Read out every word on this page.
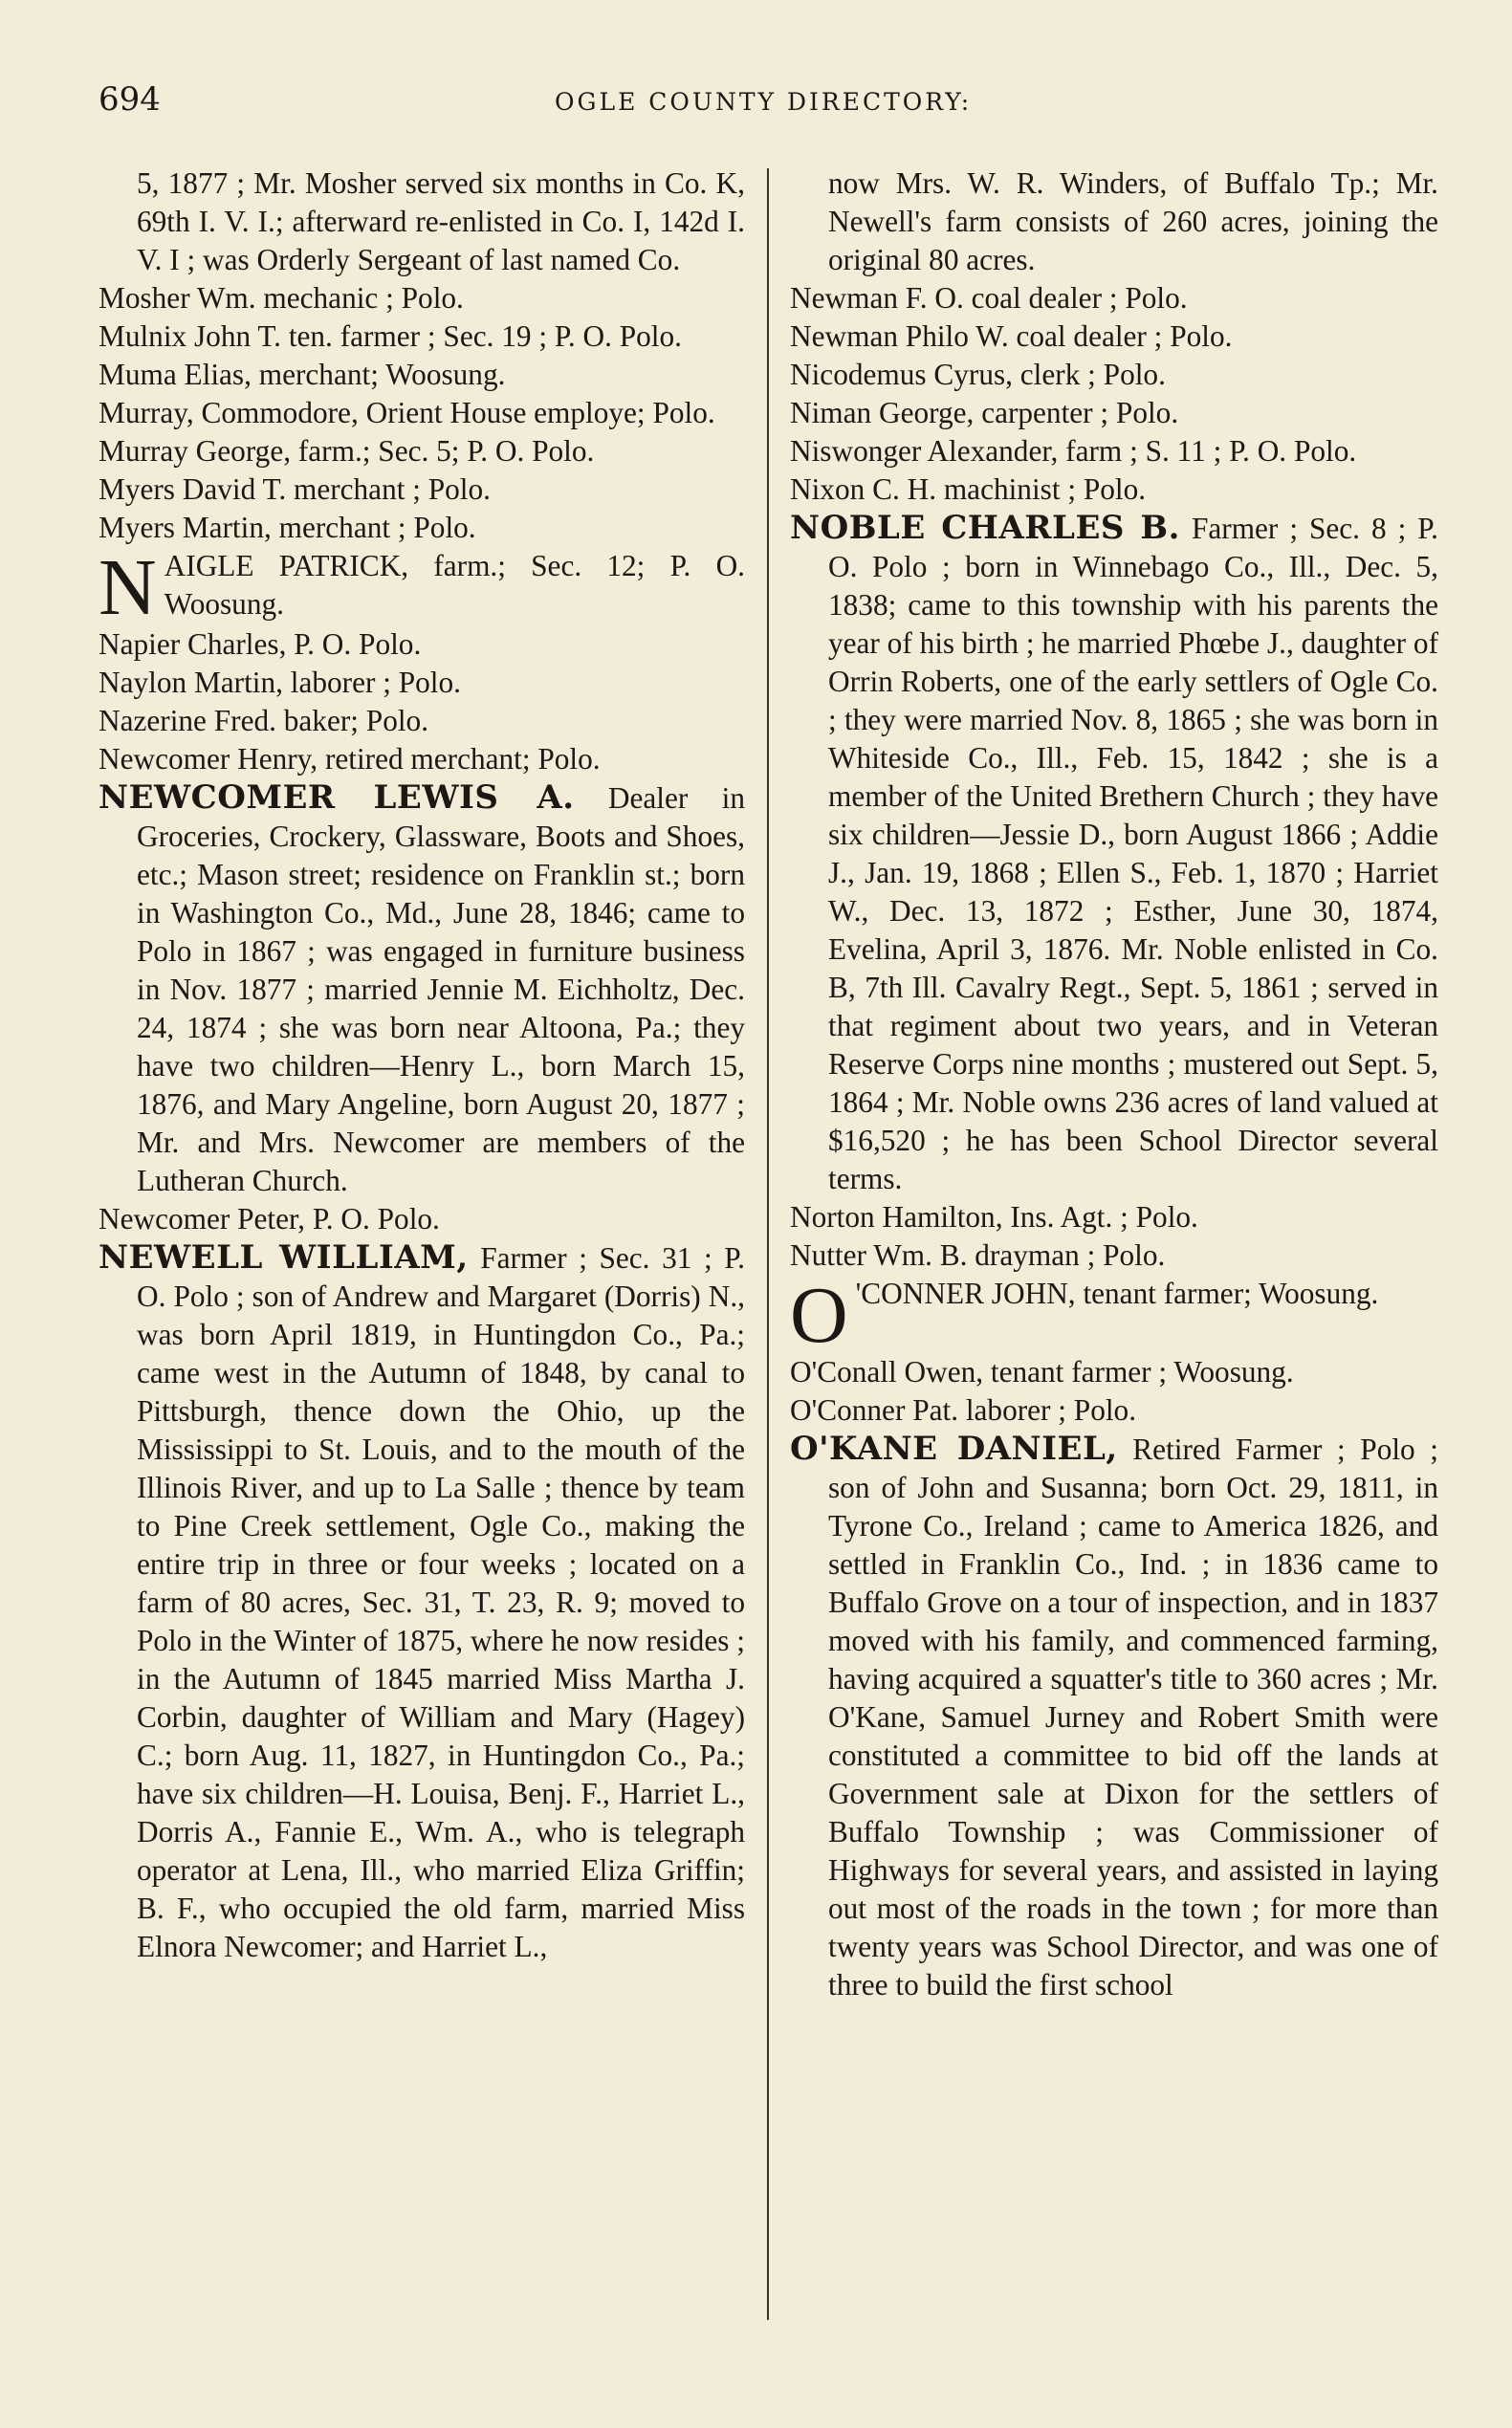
694	OGLE COUNTY DIRECTORY:
5, 1877 ; Mr. Mosher served six months in Co. K, 69th I. V. I.; afterward re-enlisted in Co. I, 142d I. V. I ; was Orderly Sergeant of last named Co.
Mosher Wm. mechanic ; Polo.
Mulnix John T. ten. farmer ; Sec. 19 ; P. O. Polo.
Muma Elias, merchant; Woosung.
Murray, Commodore, Orient House employe; Polo.
Murray George, farm.; Sec. 5; P. O. Polo.
Myers David T. merchant ; Polo.
Myers Martin, merchant ; Polo.
NAIGLE PATRICK, farm.; Sec. 12; P. O. Woosung.
Napier Charles, P. O. Polo.
Naylon Martin, laborer ; Polo.
Nazerine Fred. baker; Polo.
Newcomer Henry, retired merchant; Polo.
NEWCOMER LEWIS A. Dealer in Groceries, Crockery, Glassware, Boots and Shoes, etc.; Mason street; residence on Franklin st.; born in Washington Co., Md., June 28, 1846; came to Polo in 1867 ; was engaged in furniture business in Nov. 1877 ; married Jennie M. Eichholtz, Dec. 24, 1874 ; she was born near Altoona, Pa.; they have two children—Henry L., born March 15, 1876, and Mary Angeline, born August 20, 1877 ; Mr. and Mrs. Newcomer are members of the Lutheran Church.
Newcomer Peter, P. O. Polo.
NEWELL WILLIAM, Farmer ; Sec. 31 ; P. O. Polo ; son of Andrew and Margaret (Dorris) N., was born April 1819, in Huntingdon Co., Pa.; came west in the Autumn of 1848, by canal to Pittsburgh, thence down the Ohio, up the Mississippi to St. Louis, and to the mouth of the Illinois River, and up to La Salle ; thence by team to Pine Creek settlement, Ogle Co., making the entire trip in three or four weeks ; located on a farm of 80 acres, Sec. 31, T. 23, R. 9; moved to Polo in the Winter of 1875, where he now resides ; in the Autumn of 1845 married Miss Martha J. Corbin, daughter of William and Mary (Hagey) C.; born Aug. 11, 1827, in Huntingdon Co., Pa.; have six children—H. Louisa, Benj. F., Harriet L., Dorris A., Fannie E., Wm. A., who is telegraph operator at Lena, Ill., who married Eliza Griffin; B. F., who occupied the old farm, married Miss Elnora Newcomer; and Harriet L.,
now Mrs. W. R. Winders, of Buffalo Tp.; Mr. Newell's farm consists of 260 acres, joining the original 80 acres.
Newman F. O. coal dealer ; Polo.
Newman Philo W. coal dealer ; Polo.
Nicodemus Cyrus, clerk ; Polo.
Niman George, carpenter ; Polo.
Niswonger Alexander, farm ; S. 11 ; P. O. Polo.
Nixon C. H. machinist ; Polo.
NOBLE CHARLES B. Farmer ; Sec. 8 ; P. O. Polo ; born in Winnebago Co., Ill., Dec. 5, 1838; came to this township with his parents the year of his birth ; he married Phœbe J., daughter of Orrin Roberts, one of the early settlers of Ogle Co. ; they were married Nov. 8, 1865 ; she was born in Whiteside Co., Ill., Feb. 15, 1842 ; she is a member of the United Brethern Church ; they have six children—Jessie D., born August 1866 ; Addie J., Jan. 19, 1868 ; Ellen S., Feb. 1, 1870 ; Harriet W., Dec. 13, 1872 ; Esther, June 30, 1874, Evelina, April 3, 1876. Mr. Noble enlisted in Co. B, 7th Ill. Cavalry Regt., Sept. 5, 1861 ; served in that regiment about two years, and in Veteran Reserve Corps nine months ; mustered out Sept. 5, 1864 ; Mr. Noble owns 236 acres of land valued at $16,520 ; he has been School Director several terms.
Norton Hamilton, Ins. Agt. ; Polo.
Nutter Wm. B. drayman ; Polo.
O 'CONNER JOHN, tenant farmer; Woosung.
O'Conall Owen, tenant farmer ; Woosung.
O'Conner Pat. laborer ; Polo.
O'KANE DANIEL, Retired Farmer ; Polo ; son of John and Susanna; born Oct. 29, 1811, in Tyrone Co., Ireland ; came to America 1826, and settled in Franklin Co., Ind. ; in 1836 came to Buffalo Grove on a tour of inspection, and in 1837 moved with his family, and commenced farming, having acquired a squatter's title to 360 acres ; Mr. O'Kane, Samuel Jurney and Robert Smith were constituted a committee to bid off the lands at Government sale at Dixon for the settlers of Buffalo Township ; was Commissioner of Highways for several years, and assisted in laying out most of the roads in the town ; for more than twenty years was School Director, and was one of three to build the first school
